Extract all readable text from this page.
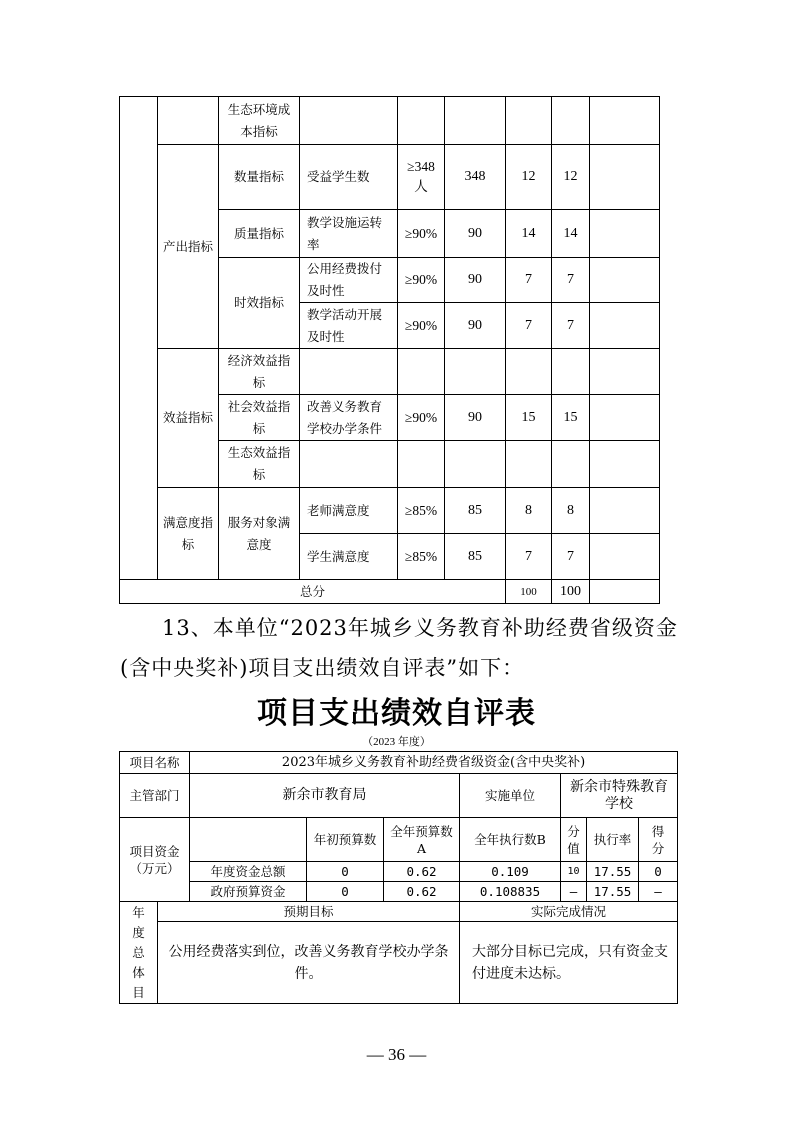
		生态环境成本指标						
	产出指标	数量指标	受益学生数	≥348人	348	12	12	
		质量指标	教学设施运转率	≥90%	90	14	14	
		时效指标	公用经费拨付及时性	≥90%	90	7	7	
			教学活动开展及时性	≥90%	90	7	7	
	效益指标	经济效益指标						
		社会效益指标	改善义务教育学校办学条件	≥90%	90	15	15	
		生态效益指标						
	满意度指标	服务对象满意度	老师满意度	≥85%	85	8	8	
			学生满意度	≥85%	85	7	7	
总分						100	100	
13、本单位“2023年城乡义务教育补助经费省级资金(含中央奖补)项目支出绩效自评表”如下：
项目支出绩效自评表
（2023 年度）
项目名称		2023年城乡义务教育补助经费省级资金(含中央奖补)						
主管部门		新余市教育局			实施单位	新余市特殊教育学校		
项目资金（万元）			年初预算数	全年预算数A	全年执行数B	分值	执行率	得分
		年度资金总额	0	0.62	0.109	10	17.55	0
		政府预算资金	0	0.62	0.108835	—	17.55	—
年度总体目	预期目标				实际完成情况			
	公用经费落实到位，改善义务教育学校办学条件。				大部分目标已完成，只有资金支付进度未达标。			
— 36 —
